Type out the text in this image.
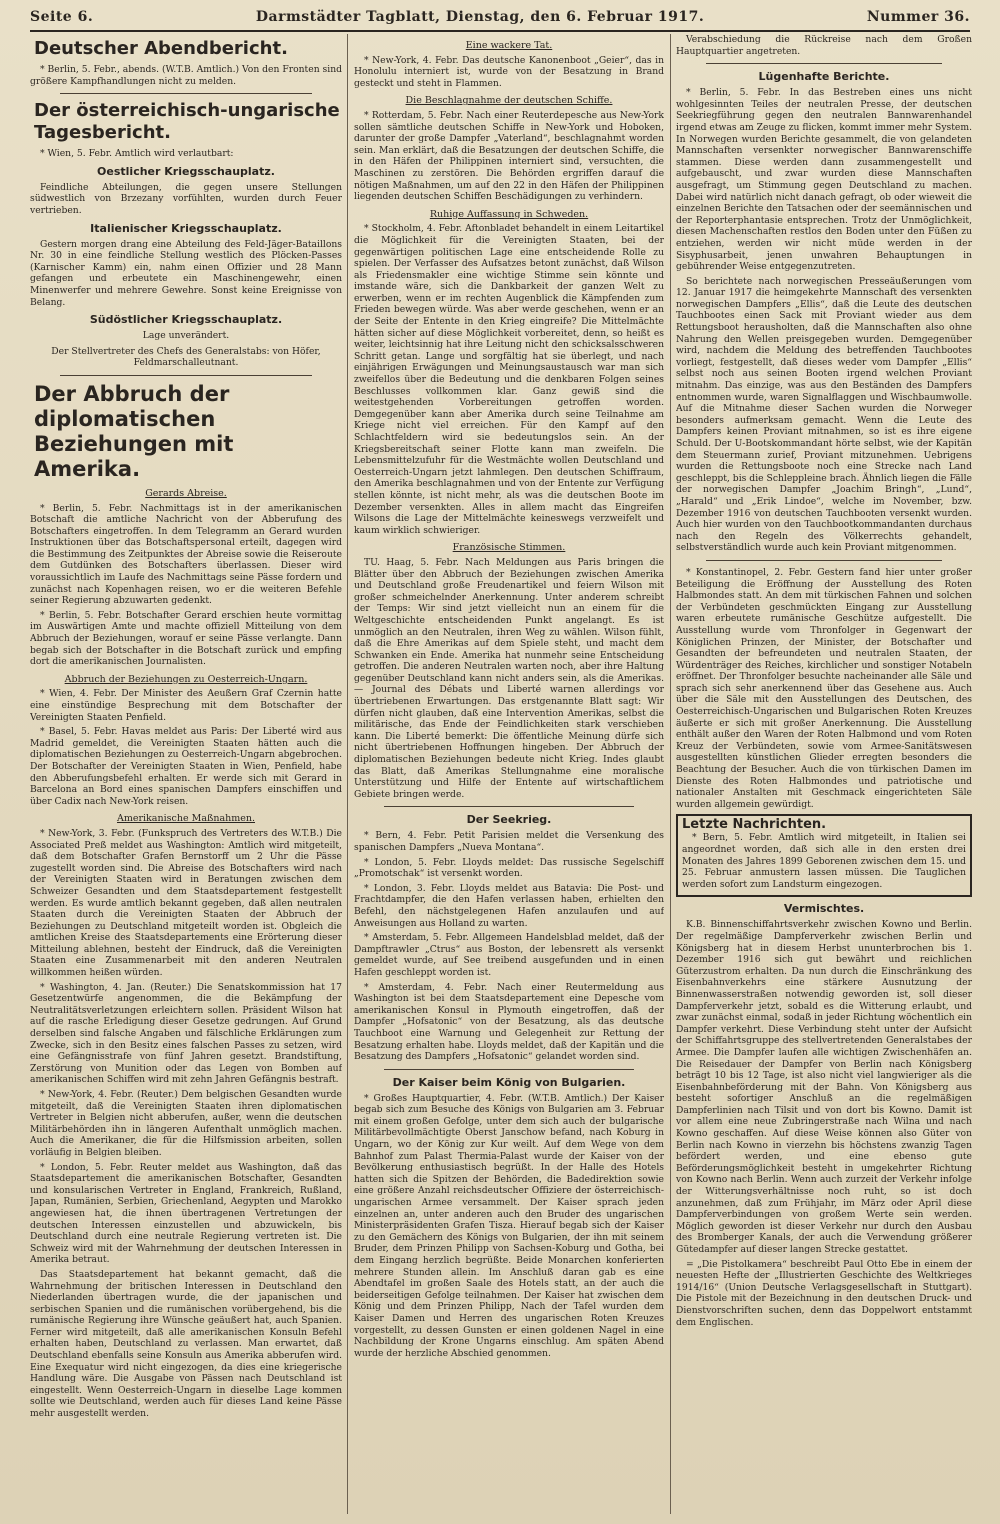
Seite 6.	Darmstädter Tagblatt, Dienstag, den 6. Februar 1917.	Nummer 36.
Deutscher Abendbericht.

* Berlin, 5. Febr., abends. (W.T.B. Amtlich.) Von den Fronten sind größere Kampfhandlungen nicht zu melden.

Der österreichisch-ungarische Tagesbericht.

* Wien, 5. Febr. Amtlich wird verlautbart:

Oestlicher Kriegsschauplatz.

Feindliche Abteilungen, die gegen unsere Stellungen südwestlich von Brzezany vorfühlten, wurden durch Feuer vertrieben.

Italienischer Kriegsschauplatz.

Gestern morgen drang eine Abteilung des Feld-Jäger-Bataillons Nr. 30 in eine feindliche Stellung westlich des Plöcken-Passes (Karnischer Kamm) ein, nahm einen Offizier und 28 Mann gefangen und erbeutete ein Maschinengewehr, einen Minenwerfer und mehrere Gewehre. Sonst keine Ereignisse von Belang.

Südöstlicher Kriegsschauplatz.

Lage unverändert.

Der Stellvertreter des Chefs des Generalstabs: von Höfer, Feldmarschalleutnant.

Der Abbruch der diplomatischen Beziehungen mit Amerika.
Gerards Abreise.

* Berlin, 5. Febr. Nachmittags ist in der amerikanischen Botschaft die amtliche Nachricht von der Abberufung des Botschafters eingetroffen. In dem Telegramm an Gerard wurden Instruktionen über das Botschaftspersonal erteilt, dagegen wird die Bestimmung des Zeitpunktes der Abreise sowie die Reiseroute dem Gutdünken des Botschafters überlassen. Dieser wird voraussichtlich im Laufe des Nachmittags seine Pässe fordern und zunächst nach Kopenhagen reisen, wo er die weiteren Befehle seiner Regierung abzuwarten gedenkt.

* Berlin, 5. Febr. Botschafter Gerard erschien heute vormittag im Auswärtigen Amte und machte offiziell Mitteilung von dem Abbruch der Beziehungen, worauf er seine Pässe verlangte. Dann begab sich der Botschafter in die Botschaft zurück und empfing dort die amerikanischen Journalisten.

Abbruch der Beziehungen zu Oesterreich-Ungarn.

* Wien, 4. Febr. Der Minister des Aeußern Graf Czernin hatte eine einstündige Besprechung mit dem Botschafter der Vereinigten Staaten Penfield.

* Basel, 5. Febr. Havas meldet aus Paris: Der Liberté wird aus Madrid gemeldet, die Vereinigten Staaten hätten auch die diplomatischen Beziehungen zu Oesterreich-Ungarn abgebrochen. Der Botschafter der Vereinigten Staaten in Wien, Penfield, habe den Abberufungsbefehl erhalten. Er werde sich mit Gerard in Barcelona an Bord eines spanischen Dampfers einschiffen und über Cadix nach New-York reisen.

Amerikanische Maßnahmen.

* New-York, 3. Febr. (Funkspruch des Vertreters des W.T.B.) Die Associated Preß meldet aus Washington: Amtlich wird mitgeteilt, daß dem Botschafter Grafen Bernstorff um 2 Uhr die Pässe zugestellt worden sind. Die Abreise des Botschafters wird nach der Vereinigten Staaten wird in Beratungen zwischen dem Schweizer Gesandten und dem Staatsdepartement festgestellt werden. Es wurde amtlich bekannt gegeben, daß allen neutralen Staaten durch die Vereinigten Staaten der Abbruch der Beziehungen zu Deutschland mitgeteilt worden ist. Obgleich die amtlichen Kreise des Staatsdepartements eine Erörterung dieser Mitteilung ablehnen, besteht der Eindruck, daß die Vereinigten Staaten eine Zusammenarbeit mit den anderen Neutralen willkommen heißen würden.

* Washington, 4. Jan. (Reuter.) Die Senatskommission hat 17 Gesetzentwürfe angenommen, die die Bekämpfung der Neutralitätsverletzungen erleichtern sollen. Präsident Wilson hat auf die rasche Erledigung dieser Gesetze gedrungen. Auf Grund derselben sind falsche Angaben und fälschliche Erklärungen zum Zwecke, sich in den Besitz eines falschen Passes zu setzen, wird eine Gefängnisstrafe von fünf Jahren gesetzt. Brandstiftung, Zerstörung von Munition oder das Legen von Bomben auf amerikanischen Schiffen wird mit zehn Jahren Gefängnis bestraft.

* New-York, 4. Febr. (Reuter.) Dem belgischen Gesandten wurde mitgeteilt, daß die Vereinigten Staaten ihren diplomatischen Vertreter in Belgien nicht abberufen, außer, wenn die deutschen Militärbehörden ihn in längeren Aufenthalt unmöglich machen. Auch die Amerikaner, die für die Hilfsmission arbeiten, sollen vorläufig in Belgien bleiben.

* London, 5. Febr. Reuter meldet aus Washington, daß das Staatsdepartement die amerikanischen Botschafter, Gesandten und konsularischen Vertreter in England, Frankreich, Rußland, Japan, Rumänien, Serbien, Griechenland, Aegypten und Marokko angewiesen hat, die ihnen übertragenen Vertretungen der deutschen Interessen einzustellen und abzuwickeln, bis Deutschland durch eine neutrale Regierung vertreten ist. Die Schweiz wird mit der Wahrnehmung der deutschen Interessen in Amerika betraut.

Das Staatsdepartement hat bekannt gemacht, daß die Wahrnehmung der britischen Interessen in Deutschland den Niederlanden übertragen wurde, die der japanischen und serbischen Spanien und die rumänischen vorübergehend, bis die rumänische Regierung ihre Wünsche geäußert hat, auch Spanien. Ferner wird mitgeteilt, daß alle amerikanischen Konsuln Befehl erhalten haben, Deutschland zu verlassen. Man erwartet, daß Deutschland ebenfalls seine Konsuln aus Amerika abberufen wird. Eine Exequatur wird nicht eingezogen, da dies eine kriegerische Handlung wäre. Die Ausgabe von Pässen nach Deutschland ist eingestellt. Wenn Oesterreich-Ungarn in dieselbe Lage kommen sollte wie Deutschland, werden auch für dieses Land keine Pässe mehr ausgestellt werden.

Eine wackere Tat.

* New-York, 4. Febr. Das deutsche Kanonenboot „Geier“, das in Honolulu interniert ist, wurde von der Besatzung in Brand gesteckt und steht in Flammen.

Die Beschlagnahme der deutschen Schiffe.

* Rotterdam, 5. Febr. Nach einer Reuterdepesche aus New-York sollen sämtliche deutschen Schiffe in New-York und Hoboken, darunter der große Dampfer „Vaterland“, beschlagnahmt worden sein. Man erklärt, daß die Besatzungen der deutschen Schiffe, die in den Häfen der Philippinen interniert sind, versuchten, die Maschinen zu zerstören. Die Behörden ergriffen darauf die nötigen Maßnahmen, um auf den 22 in den Häfen der Philippinen liegenden deutschen Schiffen Beschädigungen zu verhindern.

Ruhige Auffassung in Schweden.

* Stockholm, 4. Febr. Aftonbladet behandelt in einem Leitartikel die Möglichkeit für die Vereinigten Staaten, bei der gegenwärtigen politischen Lage eine entscheidende Rolle zu spielen. Der Verfasser des Aufsatzes betont zunächst, daß Wilson als Friedensmakler eine wichtige Stimme sein könnte und imstande wäre, sich die Dankbarkeit der ganzen Welt zu erwerben, wenn er im rechten Augenblick die Kämpfenden zum Frieden bewegen würde. Was aber werde geschehen, wenn er an der Seite der Entente in den Krieg eingreife? Die Mittelmächte hätten sicher auf diese Möglichkeit vorbereitet, denn, so heißt es weiter, leichtsinnig hat ihre Leitung nicht den schicksalsschweren Schritt getan. Lange und sorgfältig hat sie überlegt, und nach einjährigen Erwägungen und Meinungsaustausch war man sich zweifellos über die Bedeutung und die denkbaren Folgen seines Beschlusses vollkommen klar. Ganz gewiß sind die weitestgehenden Vorbereitungen getroffen worden. Demgegenüber kann aber Amerika durch seine Teilnahme am Kriege nicht viel erreichen. Für den Kampf auf den Schlachtfeldern wird sie bedeutungslos sein. An der Kriegsbereitschaft seiner Flotte kann man zweifeln. Die Lebensmittelzufuhr für die Westmächte wollen Deutschland und Oesterreich-Ungarn jetzt lahmlegen. Den deutschen Schiffraum, den Amerika beschlagnahmen und von der Entente zur Verfügung stellen könnte, ist nicht mehr, als was die deutschen Boote im Dezember versenkten. Alles in allem macht das Eingreifen Wilsons die Lage der Mittelmächte keineswegs verzweifelt und kaum wirklich schwieriger.

Französische Stimmen.

TU. Haag, 5. Febr. Nach Meldungen aus Paris bringen die Blätter über den Abbruch der Beziehungen zwischen Amerika und Deutschland große Freudenartikel und feiern Wilson mit großer schmeichelnder Anerkennung. Unter anderem schreibt der Temps: Wir sind jetzt vielleicht nun an einem für die Weltgeschichte entscheidenden Punkt angelangt. Es ist unmöglich an den Neutralen, ihren Weg zu wählen. Wilson fühlt, daß die Ehre Amerikas auf dem Spiele steht, und macht dem Schwanken ein Ende. Amerika hat nunmehr seine Entscheidung getroffen. Die anderen Neutralen warten noch, aber ihre Haltung gegenüber Deutschland kann nicht anders sein, als die Amerikas. — Journal des Débats und Liberté warnen allerdings vor übertriebenen Erwartungen. Das erstgenannte Blatt sagt: Wir dürfen nicht glauben, daß eine Intervention Amerikas, selbst die militärische, das Ende der Feindlichkeiten stark verschieben kann. Die Liberté bemerkt: Die öffentliche Meinung dürfe sich nicht übertriebenen Hoffnungen hingeben. Der Abbruch der diplomatischen Beziehungen bedeute nicht Krieg. Indes glaubt das Blatt, daß Amerikas Stellungnahme eine moralische Unterstützung und Hilfe der Entente auf wirtschaftlichem Gebiete bringen werde.

Der Seekrieg.

* Bern, 4. Febr. Petit Parisien meldet die Versenkung des spanischen Dampfers „Nueva Montana“.

* London, 5. Febr. Lloyds meldet: Das russische Segelschiff „Promotschak“ ist versenkt worden.

* London, 3. Febr. Lloyds meldet aus Batavia: Die Post- und Frachtdampfer, die den Hafen verlassen haben, erhielten den Befehl, den nächstgelegenen Hafen anzulaufen und auf Anweisungen aus Holland zu warten.

* Amsterdam, 5. Febr. Allgemeen Handelsblad meldet, daß der Dampftrawler „Ctrus“ aus Boston, der lebensrett als versenkt gemeldet wurde, auf See treibend ausgefunden und in einen Hafen geschleppt worden ist.

* Amsterdam, 4. Febr. Nach einer Reutermeldung aus Washington ist bei dem Staatsdepartement eine Depesche vom amerikanischen Konsul in Plymouth eingetroffen, daß der Dampfer „Hofsatonic“ von der Besatzung, als das deutsche Tauchboot eine Warnung und Gelegenheit zur Rettung der Besatzung erhalten habe. Lloyds meldet, daß der Kapitän und die Besatzung des Dampfers „Hofsatonic“ gelandet worden sind.

Der Kaiser beim König von Bulgarien.

* Großes Hauptquartier, 4. Febr. (W.T.B. Amtlich.) Der Kaiser begab sich zum Besuche des Königs von Bulgarien am 3. Februar mit einem großen Gefolge, unter dem sich auch der bulgarische Militärbevollmächtigte Oberst Janschow befand, nach Koburg in Ungarn, wo der König zur Kur weilt. Auf dem Wege von dem Bahnhof zum Palast Thermia-Palast wurde der Kaiser von der Bevölkerung enthusiastisch begrüßt. In der Halle des Hotels hatten sich die Spitzen der Behörden, die Badedirektion sowie eine größere Anzahl reichsdeutscher Offiziere der österreichisch-ungarischen Armee versammelt. Der Kaiser sprach jeden einzelnen an, unter anderen auch den Bruder des ungarischen Ministerpräsidenten Grafen Tisza. Hierauf begab sich der Kaiser zu den Gemächern des Königs von Bulgarien, der ihn mit seinem Bruder, dem Prinzen Philipp von Sachsen-Koburg und Gotha, bei dem Eingang herzlich begrüßte. Beide Monarchen konferierten mehrere Stunden allein. Im Anschluß daran gab es eine Abendtafel im großen Saale des Hotels statt, an der auch die beiderseitigen Gefolge teilnahmen. Der Kaiser hat zwischen dem König und dem Prinzen Philipp, Nach der Tafel wurden dem Kaiser Damen und Herren des ungarischen Roten Kreuzes vorgestellt, zu dessen Gunsten er einen goldenen Nagel in eine Nachbildung der Krone Ungarns einschlug. Am späten Abend wurde der herzliche Abschied genommen.

Verabschiedung die Rückreise nach dem Großen Hauptquartier angetreten.

Lügenhafte Berichte.

* Berlin, 5. Febr. In das Bestreben eines uns nicht wohlgesinnten Teiles der neutralen Presse, der deutschen Seekriegführung gegen den neutralen Bannwarenhandel irgend etwas am Zeuge zu flicken, kommt immer mehr System. In Norwegen wurden Berichte gesammelt, die von gelandeten Mannschaften versenkter norwegischer Bannwarenschiffe stammen. Diese werden dann zusammengestellt und aufgebauscht, und zwar wurden diese Mannschaften ausgefragt, um Stimmung gegen Deutschland zu machen. Dabei wird natürlich nicht danach gefragt, ob oder wieweit die einzelnen Berichte den Tatsachen oder der seemännischen und der Reporterphantasie entsprechen. Trotz der Unmöglichkeit, diesen Machenschaften restlos den Boden unter den Füßen zu entziehen, werden wir nicht müde werden in der Sisyphusarbeit, jenen unwahren Behauptungen in gebührender Weise entgegenzutreten.

So berichtete nach norwegischen Presseäußerungen vom 12. Januar 1917 die heimgekehrte Mannschaft des versenkten norwegischen Dampfers „Ellis“, daß die Leute des deutschen Tauchbootes einen Sack mit Proviant wieder aus dem Rettungsboot herausholten, daß die Mannschaften also ohne Nahrung den Wellen preisgegeben wurden. Demgegenüber wird, nachdem die Meldung des betreffenden Tauchbootes vorliegt, festgestellt, daß dieses weder vom Dampfer „Ellis“ selbst noch aus seinen Booten irgend welchen Proviant mitnahm. Das einzige, was aus den Beständen des Dampfers entnommen wurde, waren Signalflaggen und Wischbaumwolle. Auf die Mitnahme dieser Sachen wurden die Norweger besonders aufmerksam gemacht. Wenn die Leute des Dampfers keinen Proviant mitnahmen, so ist es ihre eigene Schuld. Der U-Bootskommandant hörte selbst, wie der Kapitän dem Steuermann zurief, Proviant mitzunehmen. Uebrigens wurden die Rettungsboote noch eine Strecke nach Land geschleppt, bis die Schleppleine brach. Ähnlich liegen die Fälle der norwegischen Dampfer „Joachim Bringh“, „Lund“, „Harald“ und „Erik Lindoe“, welche im November, bzw. Dezember 1916 von deutschen Tauchbooten versenkt wurden. Auch hier wurden von den Tauchbootkommandanten durchaus nach den Regeln des Völkerrechts gehandelt, selbstverständlich wurde auch kein Proviant mitgenommen.

* Konstantinopel, 2. Febr. Gestern fand hier unter großer Beteiligung die Eröffnung der Ausstellung des Roten Halbmondes statt. An dem mit türkischen Fahnen und solchen der Verbündeten geschmückten Eingang zur Ausstellung waren erbeutete rumänische Geschütze aufgestellt. Die Ausstellung wurde vom Thronfolger in Gegenwart der Königlichen Prinzen, der Minister, der Botschafter und Gesandten der befreundeten und neutralen Staaten, der Würdenträger des Reiches, kirchlicher und sonstiger Notabeln eröffnet. Der Thronfolger besuchte nacheinander alle Säle und sprach sich sehr anerkennend über das Gesehene aus. Auch über die Säle mit den Ausstellungen des Deutschen, des Oesterreichisch-Ungarischen und Bulgarischen Roten Kreuzes äußerte er sich mit großer Anerkennung. Die Ausstellung enthält außer den Waren der Roten Halbmond und vom Roten Kreuz der Verbündeten, sowie vom Armee-Sanitätswesen ausgestellten künstlichen Glieder erregten besonders die Beachtung der Besucher. Auch die von türkischen Damen im Dienste des Roten Halbmondes und patriotische und nationaler Anstalten mit Geschmack eingerichteten Säle wurden allgemein gewürdigt.

Letzte Nachrichten.

* Bern, 5. Febr. Amtlich wird mitgeteilt, in Italien sei angeordnet worden, daß sich alle in den ersten drei Monaten des Jahres 1899 Geborenen zwischen dem 15. und 25. Februar anmustern lassen müssen. Die Tauglichen werden sofort zum Landsturm eingezogen.

Vermischtes.

K.B. Binnenschiffahrtsverkehr zwischen Kowno und Berlin. Der regelmäßige Dampferverkehr zwischen Berlin und Königsberg hat in diesem Herbst ununterbrochen bis 1. Dezember 1916 sich gut bewährt und reichlichen Güterzustrom erhalten. Da nun durch die Einschränkung des Eisenbahnverkehrs eine stärkere Ausnutzung der Binnenwasserstraßen notwendig geworden ist, soll dieser Dampferverkehr jetzt, sobald es die Witterung erlaubt, und zwar zunächst einmal, sodaß in jeder Richtung wöchentlich ein Dampfer verkehrt. Diese Verbindung steht unter der Aufsicht der Schiffahrtsgruppe des stellvertretenden Generalstabes der Armee. Die Dampfer laufen alle wichtigen Zwischenhäfen an. Die Reisedauer der Dampfer von Berlin nach Königsberg beträgt 10 bis 12 Tage, ist also nicht viel langwieriger als die Eisenbahnbeförderung mit der Bahn. Von Königsberg aus besteht sofortiger Anschluß an die regelmäßigen Dampferlinien nach Tilsit und von dort bis Kowno. Damit ist vor allem eine neue Zubringerstraße nach Wilna und nach Kowno geschaffen. Auf diese Weise können also Güter von Berlin nach Kowno in vierzehn bis höchstens zwanzig Tagen befördert werden, und eine ebenso gute Beförderungsmöglichkeit besteht in umgekehrter Richtung von Kowno nach Berlin. Wenn auch zurzeit der Verkehr infolge der Witterungsverhältnisse noch ruht, so ist doch anzunehmen, daß zum Frühjahr, im März oder April diese Dampferverbindungen von großem Werte sein werden. Möglich geworden ist dieser Verkehr nur durch den Ausbau des Bromberger Kanals, der auch die Verwendung größerer Gütedampfer auf dieser langen Strecke gestattet.

= „Die Pistolkamera“ beschreibt Paul Otto Ebe in einem der neuesten Hefte der „Illustrierten Geschichte des Weltkrieges 1914/16“ (Union Deutsche Verlagsgesellschaft in Stuttgart). Die Pistole mit der Bezeichnung in den deutschen Druck- und Dienstvorschriften suchen, denn das Doppelwort entstammt dem Englischen.
